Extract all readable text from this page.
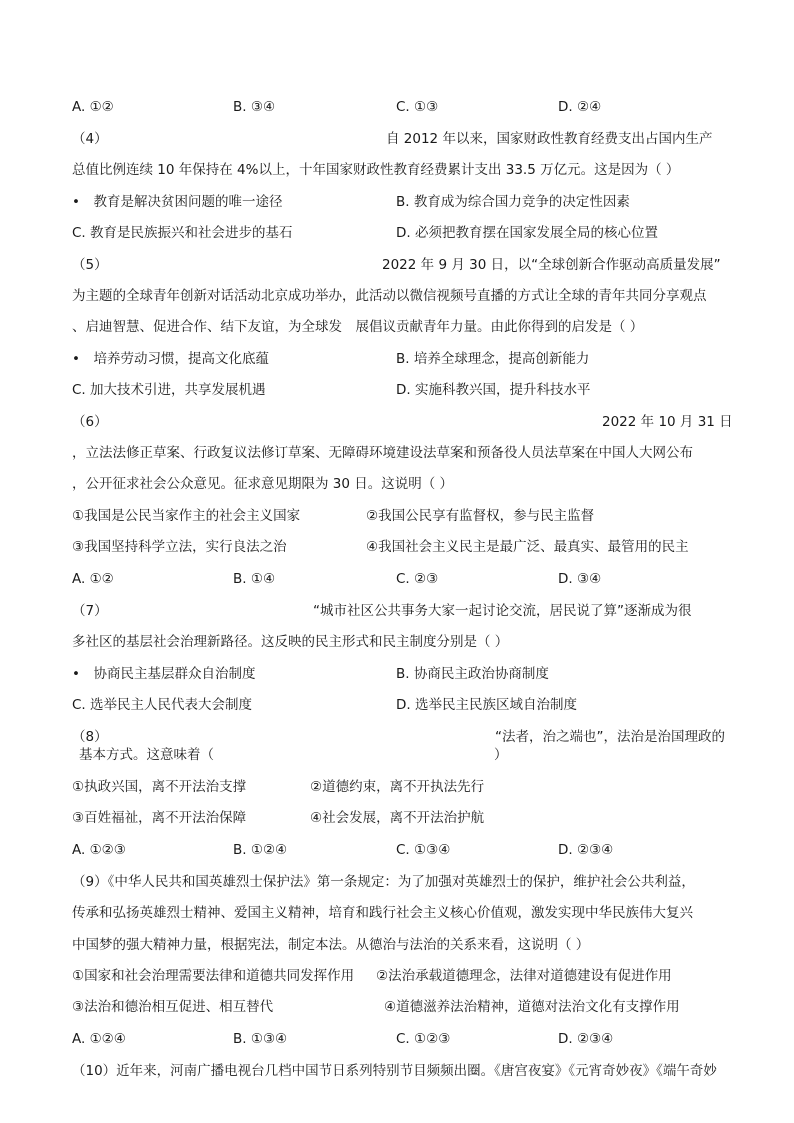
A. ①②	B. ③④	C. ①③	D. ②④
（4）	自 2012 年以来，国家财政性教育经费支出占国内生产
总值比例连续 10 年保持在 4%以上，十年国家财政性教育经费累计支出 33.5 万亿元。这是因为（ ）
•　教育是解决贫困问题的唯一途径	B. 教育成为综合国力竞争的决定性因素
C. 教育是民族振兴和社会进步的基石	D. 必须把教育摆在国家发展全局的核心位置
（5）	2022 年 9 月 30 日，以“全球创新合作驱动高质量发展”
为主题的全球青年创新对话活动北京成功举办，此活动以微信视频号直播的方式让全球的青年共同分享观点
、启迪智慧、促进合作、结下友谊，为全球发　展倡议贡献青年力量。由此你得到的启发是（ ）
•　培养劳动习惯，提高文化底蕴	B. 培养全球理念，提高创新能力
C. 加大技术引进，共享发展机遇	D. 实施科教兴国，提升科技水平
（6）	2022 年 10 月 31 日
，立法法修正草案、行政复议法修订草案、无障碍环境建设法草案和预备役人员法草案在中国人大网公布
，公开征求社会公众意见。征求意见期限为 30 日。这说明（ ）
①我国是公民当家作主的社会主义国家	②我国公民享有监督权，参与民主监督
③我国坚持科学立法，实行良法之治	④我国社会主义民主是最广泛、最真实、最管用的民主
A. ①②	B. ①④	C. ②③	D. ③④
（7）	“城市社区公共事务大家一起讨论交流，居民说了算”逐渐成为很
多社区的基层社会治理新路径。这反映的民主形式和民主制度分别是（ ）
•　协商民主基层群众自治制度	B. 协商民主政治协商制度
C. 选举民主人民代表大会制度	D. 选举民主民族区域自治制度
（8）	“法者，治之端也”，法治是治国理政的
基本方式。这意味着（	）
①执政兴国，离不开法治支撑	②道德约束，离不开执法先行
③百姓福祉，离不开法治保障	④社会发展，离不开法治护航
A. ①②③	B. ①②④	C. ①③④	D. ②③④
（9）《中华人民共和国英雄烈士保护法》第一条规定：为了加强对英雄烈士的保护，维护社会公共利益，
传承和弘扬英雄烈士精神、爱国主义精神，培育和践行社会主义核心价值观，激发实现中华民族伟大复兴
中国梦的强大精神力量，根据宪法，制定本法。从德治与法治的关系来看，这说明（ ）
①国家和社会治理需要法律和道德共同发挥作用 ②法治承载道德理念，法律对道德建设有促进作用
③法治和德治相互促进、相互替代	④道德滋养法治精神，道德对法治文化有支撑作用
A. ①②④	B. ①③④	C. ①②③	D. ②③④
（10）近年来，河南广播电视台几档中国节日系列特别节目频频出圈。《唐宫夜宴》《元宵奇妙夜》《端午奇妙
